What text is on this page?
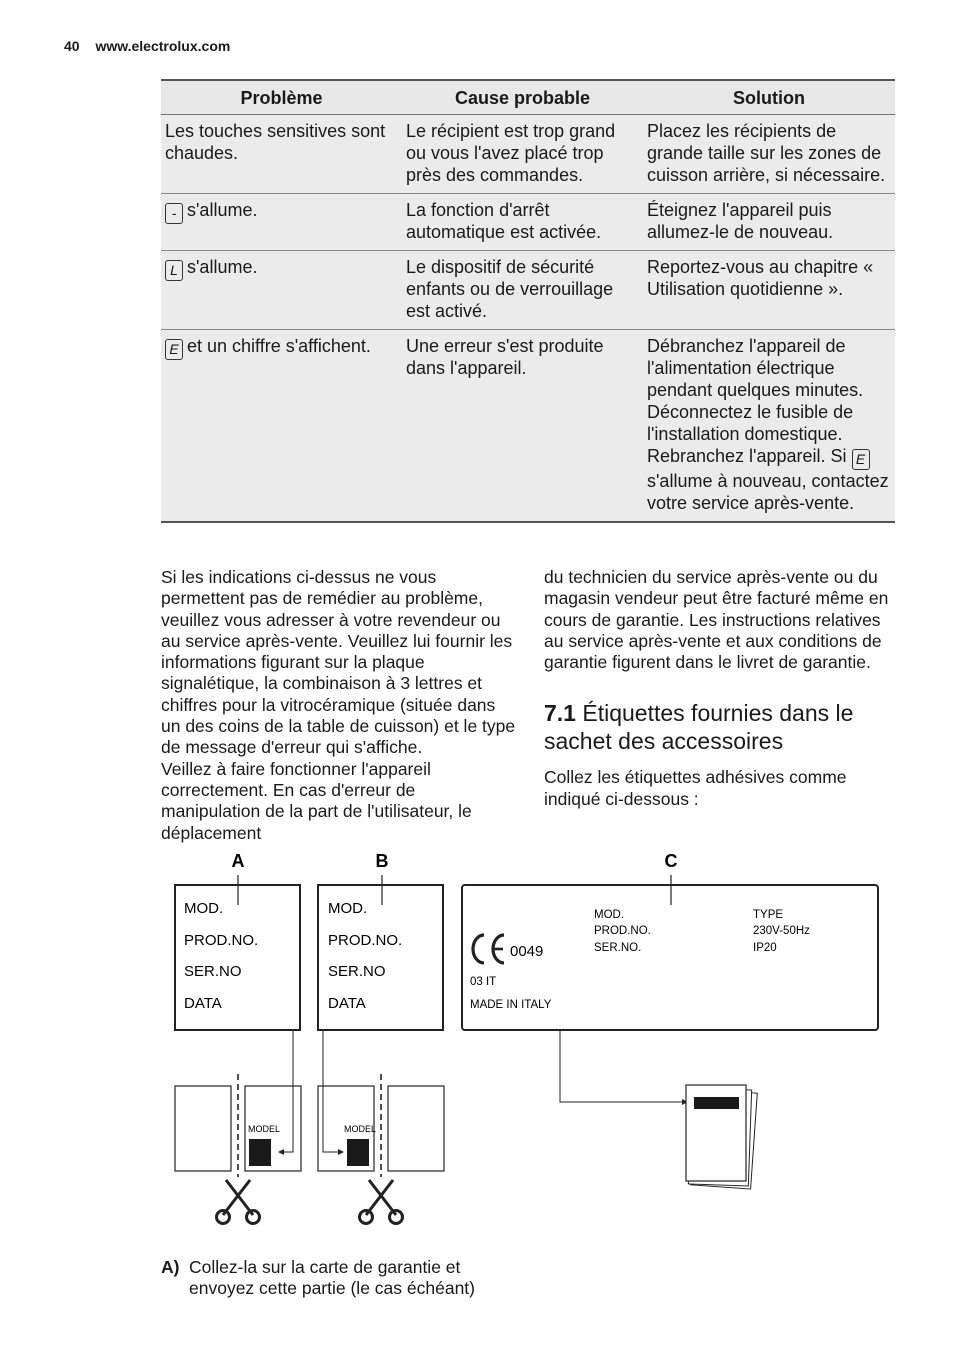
40 www.electrolux.com
Problème	Cause probable	Solution
Les touches sensitives sont chaudes.	Le récipient est trop grand ou vous l'avez placé trop près des commandes.	Placez les récipients de grande taille sur les zones de cuisson arrière, si nécessaire.
- s'allume.	La fonction d'arrêt automatique est activée.	Éteignez l'appareil puis allumez-le de nouveau.
L s'allume.	Le dispositif de sécurité enfants ou de verrouillage est activé.	Reportez-vous au chapitre « Utilisation quotidienne ».
E et un chiffre s'affichent.	Une erreur s'est produite dans l'appareil.	Débranchez l'appareil de l'alimentation électrique pendant quelques minutes. Déconnectez le fusible de l'installation domestique. Rebranchez l'appareil. Si Es'allume à nouveau, contactez votre service après-vente.

Si les indications ci-dessus ne vous permettent pas de remédier au problème, veuillez vous adresser à votre revendeur ou au service après-vente. Veuillez lui fournir les informations figurant sur la plaque signalétique, la combinaison à 3 lettres et chiffres pour la vitrocéramique (située dans un des coins de la table de cuisson) et le type de message d'erreur qui s'affiche.

Veillez à faire fonctionner l'appareil correctement. En cas d'erreur de manipulation de la part de l'utilisateur, le déplacement

du technicien du service après-vente ou du magasin vendeur peut être facturé même en cours de garantie. Les instructions relatives au service après-vente et aux conditions de garantie figurent dans le livret de garantie.

7.1 Étiquettes fournies dans le sachet des accessoires

Collez les étiquettes adhésives comme indiqué ci-dessous :

A	B	C
MOD.
PROD.NO.
SER.NO
DATA
MOD.
PROD.NO.
SER.NO
DATA
0049
03 IT
MADE IN ITALY
MOD.
PROD.NO.
SER.NO.
TYPE
230V-50Hz
IP20
MODEL	MODEL
A) Collez-la sur la carte de garantie et envoyez cette partie (le cas échéant)
